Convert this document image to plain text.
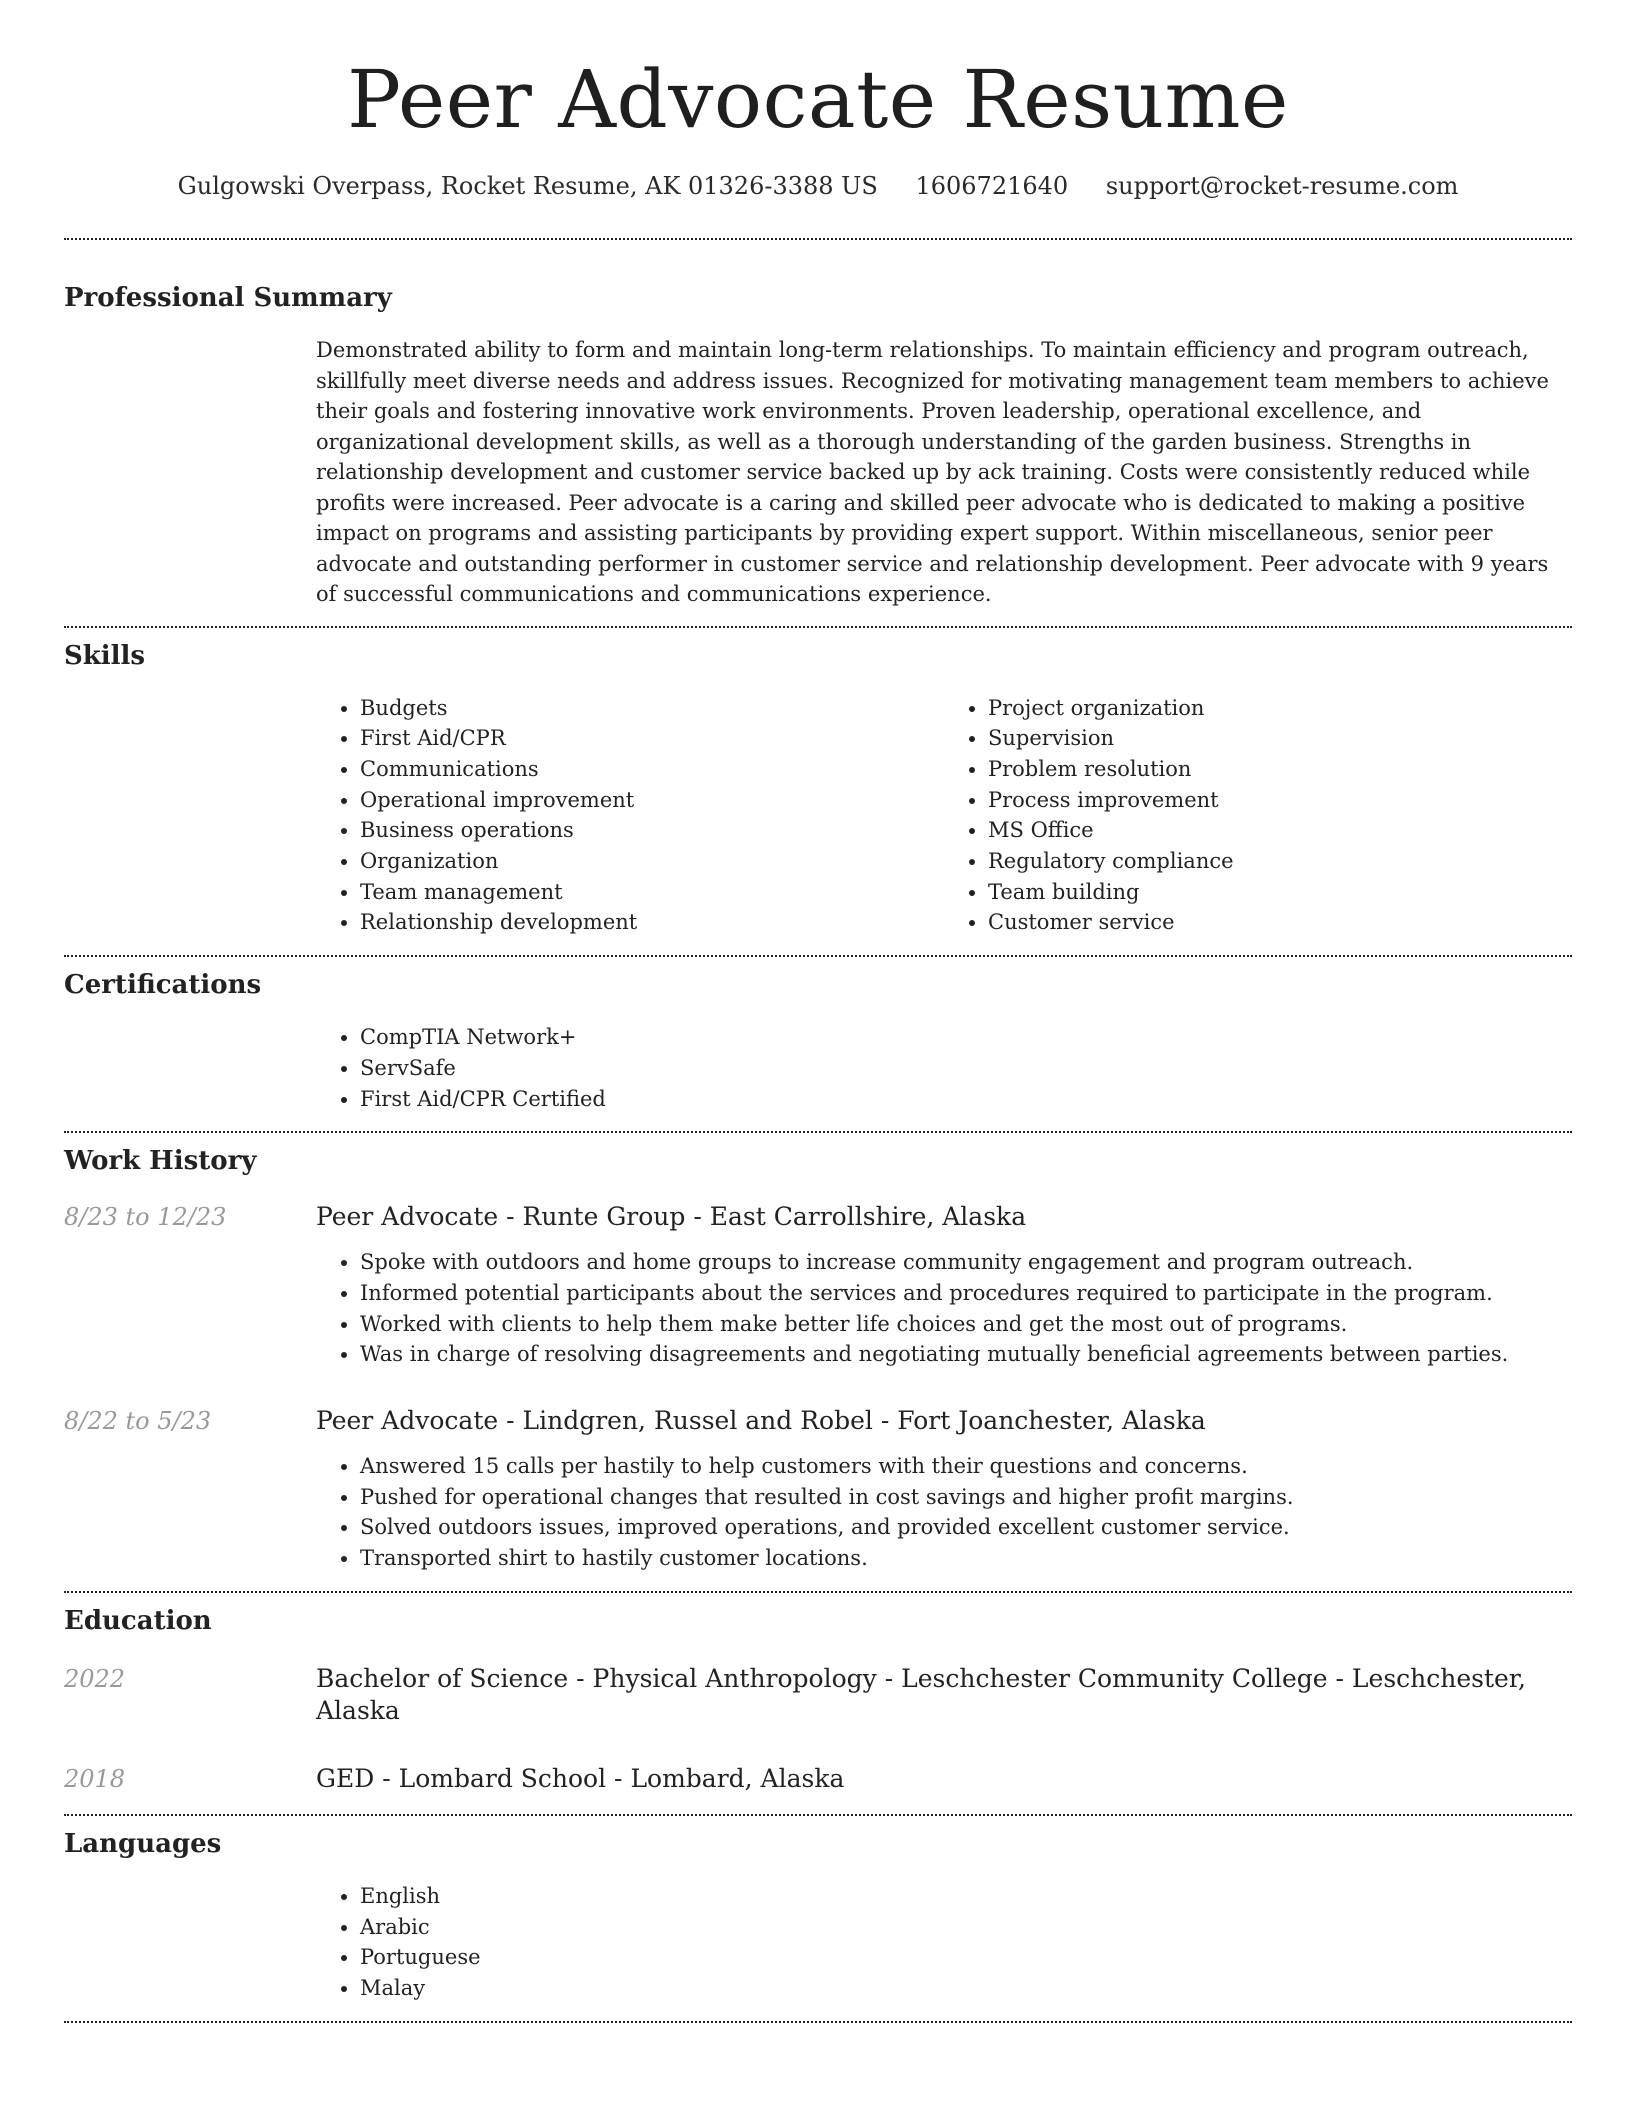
Peer Advocate Resume
Gulgowski Overpass, Rocket Resume, AK 01326-3388 US 1606721640 support@rocket-resume.com
Professional Summary

Demonstrated ability to form and maintain long-term relationships. To maintain efficiency and program outreach, skillfully meet diverse needs and address issues. Recognized for motivating management team members to achieve their goals and fostering innovative work environments. Proven leadership, operational excellence, and organizational development skills, as well as a thorough understanding of the garden business. Strengths in relationship development and customer service backed up by ack training. Costs were consistently reduced while profits were increased. Peer advocate is a caring and skilled peer advocate who is dedicated to making a positive impact on programs and assisting participants by providing expert support. Within miscellaneous, senior peer advocate and outstanding performer in customer service and relationship development. Peer advocate with 9 years of successful communications and communications experience.

Skills
• Budgets
• First Aid/CPR
• Communications
• Operational improvement
• Business operations
• Organization
• Team management
• Relationship development
• Project organization
• Supervision
• Problem resolution
• Process improvement
• MS Office
• Regulatory compliance
• Team building
• Customer service
Certifications
• CompTIA Network+
• ServSafe
• First Aid/CPR Certified
Work History
8/23 to 12/23	Peer Advocate - Runte Group - East Carrollshire, Alaska
• Spoke with outdoors and home groups to increase community engagement and program outreach.
• Informed potential participants about the services and procedures required to participate in the program.
• Worked with clients to help them make better life choices and get the most out of programs.
• Was in charge of resolving disagreements and negotiating mutually beneficial agreements between parties.
8/22 to 5/23	Peer Advocate - Lindgren, Russel and Robel - Fort Joanchester, Alaska
• Answered 15 calls per hastily to help customers with their questions and concerns.
• Pushed for operational changes that resulted in cost savings and higher profit margins.
• Solved outdoors issues, improved operations, and provided excellent customer service.
• Transported shirt to hastily customer locations.
Education
2022	Bachelor of Science - Physical Anthropology - Leschchester Community College - Leschchester, Alaska
2018	GED - Lombard School - Lombard, Alaska
Languages
• English
• Arabic
• Portuguese
• Malay
